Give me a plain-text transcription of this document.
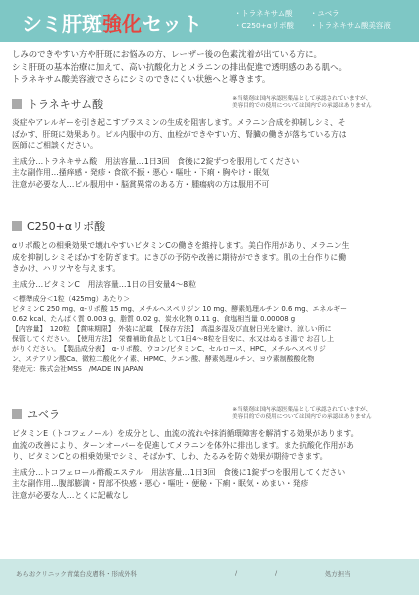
シミ肝斑強化セット	・トラネキサム酸 ・ユベラ
・C250+αリポ酸 ・トラネキサム酸美容液

しみのできやすい方や肝斑にお悩みの方、レーザー後の色素沈着が出ている方に。

シミ肝斑の基本治療に加えて、高い抗酸化力とメラニンの排出促進で透明感のある肌へ。

トラネキサム酸美容液でさらにシミのできにくい状態へと導きます。

トラネキサム酸	※当薬剤は国内承認医薬品として承認されていますが、
美容目的での使用については国内での承認はありません

炎症やアレルギーを引き起こすプラスミンの生成を阻害します。メラニン合成を抑制しシミ、そ

ばかす、肝斑に効果あり。ピル内服中の方、血栓ができやすい方、腎臓の働きが落ちている方は

医師にご相談ください。

主成分…トラネキサム酸　用法容量…1日3回　食後に2錠ずつを服用してください

主な副作用…掻痒感・発疹・食欲不振・悪心・嘔吐・下痢・胸やけ・眠気

注意が必要な人…ピル服用中・脳賞異常のある方・腫瘍病の方は服用不可

C250+αリポ酸

αリポ酸との相乗効果で壊れやすいビタミンCの働きを維持します。美白作用があり、メラニン生

成を抑制しシミそばかすを防ぎます。にきびの予防や改善に期待ができます。肌の土台作りに働

きかけ、ハリツヤを与えます。

主成分…ビタミンC　用法容量…1日の目安量4〜8粒

＜標準成分＜1粒（425mg）あたり＞

ビタミンC 250 mg、α-リポ酸 15 mg、メチルヘスペリジン 10 mg、酵素処理ルチン 0.6 mg、エネルギー

0.62 kcal、たんぱく質 0.003 g、脂質 0.02 g、炭水化物 0.11 g、食塩相当量 0.00008 g

【内容量】　120粒　【賞味期限】　外装に記載　【保存方法】　高温多湿及び直射日光を避け、涼しい所に

保管してください。　【使用方法】　栄養補助食品として1日4〜8粒を目安に、水又はぬるま湯で お召し上

がりください。　【製品成分表】　α-リポ酸、ウコン/ビタミンC、セルロース、HPC、メチルヘスペリジ

ン、ステアリン酸Ca、微粒二酸化ケイ素、HPMC、クエン酸、酵素処理ルチン、ヨウ素制酸酸化物

発売元：株式会社MSS　/MADE IN JAPAN

ユベラ	※当薬剤は国内承認医薬品として承認されていますが、
美容目的での使用については国内での承認はありません

ビタミンE（トコフェノール）を成分とし、血流の流れや抹消循環障害を解消する効果があります。

血流の改善により、ターンオーバーを促進してメラニンを体外に排出します。また抗酸化作用があ

り、ビタミンCとの相乗効果でシミ、そばかす、しわ、たるみを防ぐ効果が期待できます。

主成分…トコフェロール酢酸エステル　用法容量…1日3回　食後に1錠ずつを服用してください

主な副作用…腹部膨満・胃部不快感・悪心・嘔吐・便秘・下痢・眠気・めまい・発疹

注意が必要な人…とくに記載なし

あらおクリニック青葉台皮膚科・形成外科	/	/	処方担当
